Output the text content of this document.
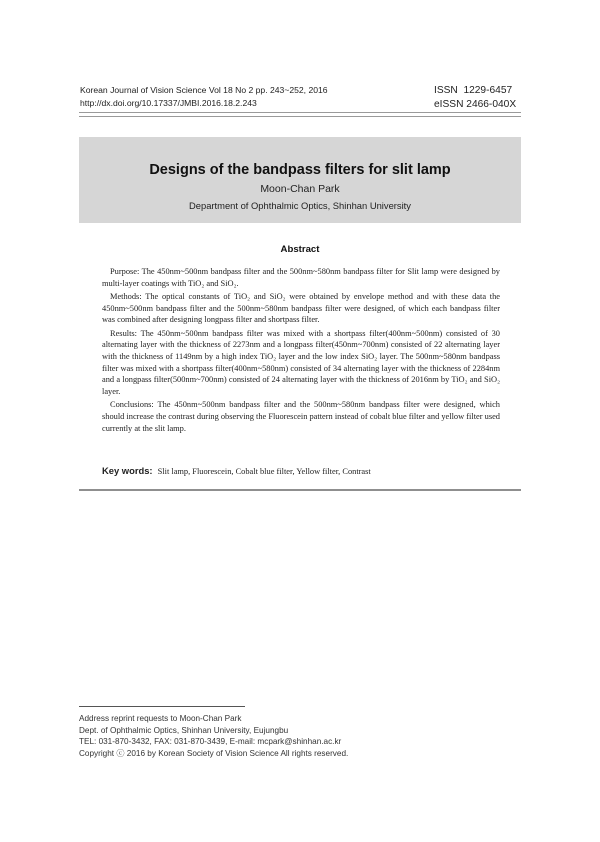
Korean Journal of Vision Science Vol 18 No 2 pp. 243~252, 2016
http://dx.doi.org/10.17337/JMBI.2016.18.2.243
ISSN  1229-6457
eISSN 2466-040X
Designs of the bandpass filters for slit lamp
Moon-Chan Park
Department of Ophthalmic Optics, Shinhan University
Abstract

Purpose: The 450nm~500nm bandpass filter and the 500nm~580nm bandpass filter for Slit lamp were designed by multi-layer coatings with TiO₂ and SiO₂.

Methods: The optical constants of TiO₂ and SiO₂ were obtained by envelope method and with these data the 450nm~500nm bandpass filter and the 500nm~580nm bandpass filter were designed, of which each bandpass filter was combined after designing longpass filter and shortpass filter.

Results: The 450nm~500nm bandpass filter was mixed with a shortpass filter(400nm~500nm) consisted of 30 alternating layer with the thickness of 2273nm and a longpass filter(450nm~700nm) consisted of 22 alternating layer with the thickness of 1149nm by a high index TiO₂ layer and the low index SiO₂ layer. The 500nm~580nm bandpass filter was mixed with a shortpass filter(400nm~580nm) consisted of 34 alternating layer with the thickness of 2284nm and a longpass filter(500nm~700nm) consisted of 24 alternating layer with the thickness of 2016nm by TiO₂ and SiO₂ layer.

Conclusions: The 450nm~500nm bandpass filter and the 500nm~580nm bandpass filter were designed, which should increase the contrast during observing the Fluorescein pattern instead of cobalt blue filter and yellow filter used currently at the slit lamp.

Key words: Slit lamp, Fluorescein, Cobalt blue filter, Yellow filter, Contrast
Address reprint requests to Moon-Chan Park
Dept. of Ophthalmic Optics, Shinhan University, Eujungbu
TEL: 031-870-3432, FAX: 031-870-3439, E-mail: mcpark@shinhan.ac.kr
Copyright ⓒ 2016 by Korean Society of Vision Science All rights reserved.
